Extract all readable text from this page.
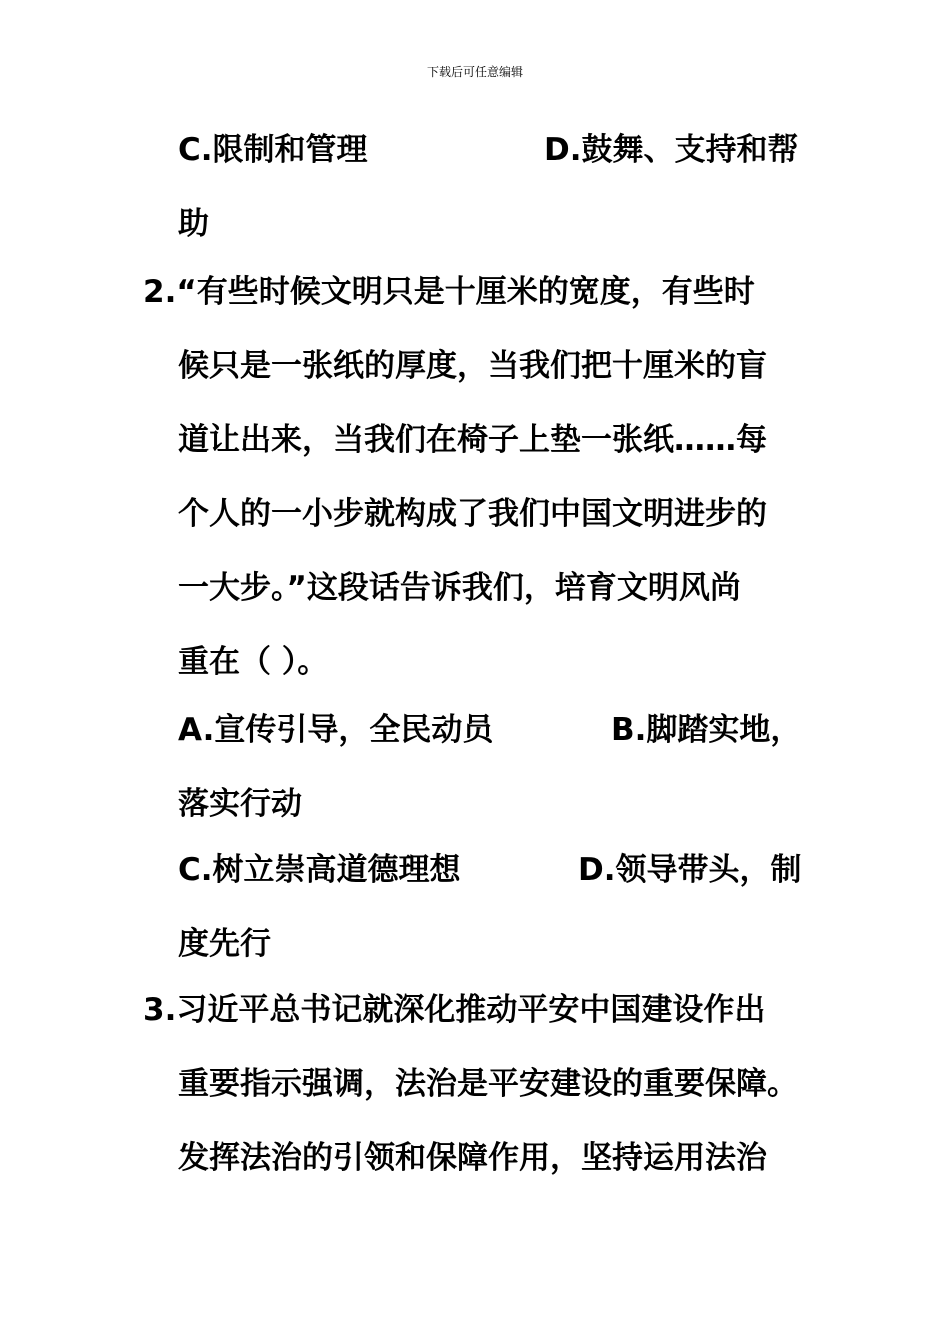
下载后可任意编辑
C.限制和管理	D.鼓舞、支持和帮
助
2.“有些时候文明只是十厘米的宽度，有些时
候只是一张纸的厚度，当我们把十厘米的盲
道让出来，当我们在椅子上垫一张纸……每
个人的一小步就构成了我们中国文明进步的
一大步。”这段话告诉我们，培育文明风尚
重在（ ）。
A.宣传引导，全民动员	B.脚踏实地，
落实行动
C.树立崇高道德理想	D.领导带头，制
度先行
3.习近平总书记就深化推动平安中国建设作出
重要指示强调，法治是平安建设的重要保障。
发挥法治的引领和保障作用，坚持运用法治
